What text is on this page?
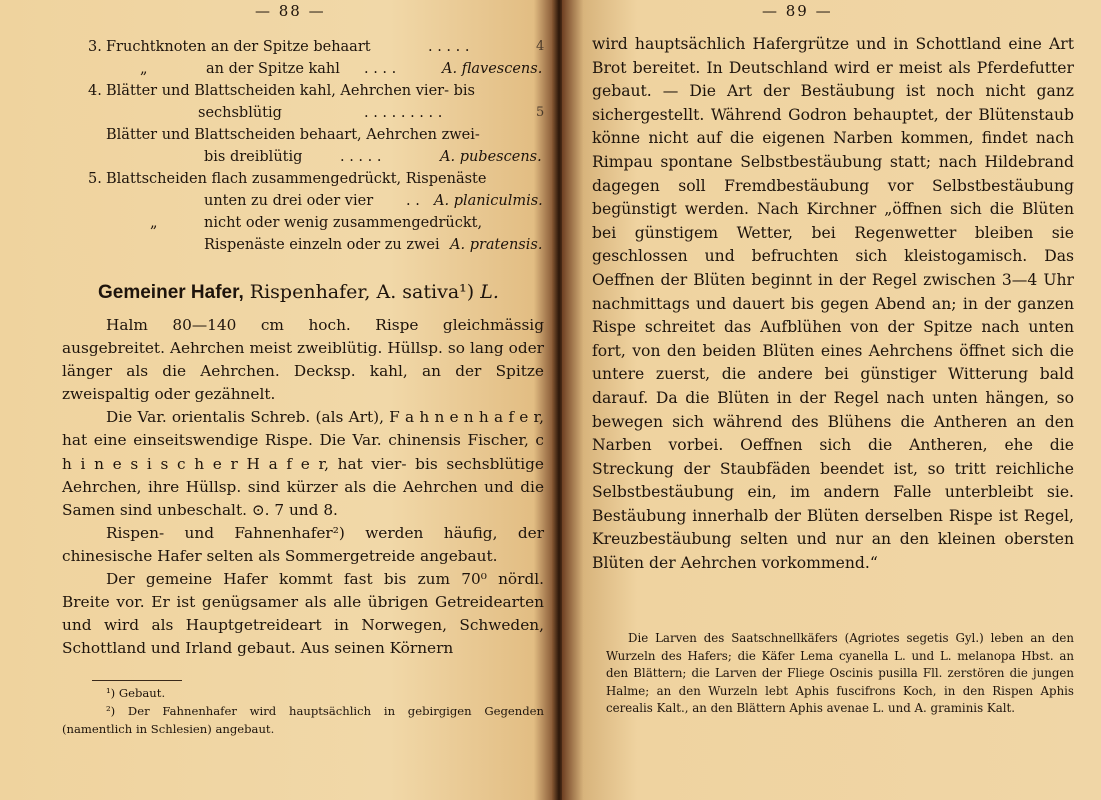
— 88 —
3. Fruchtknoten an der Spitze behaart	. . . . .	4
„	an der Spitze kahl . . . .	A. flavescens.
4. Blätter und Blattscheiden kahl, Aehrchen vier- bis
sechsblütig	. . . . . . . . .	5
Blätter und Blattscheiden behaart, Aehrchen zwei-
bis dreiblütig	. . . . .	A. pubescens.
5. Blattscheiden flach zusammengedrückt, Rispenäste
unten zu drei oder vier . . A. planiculmis.
„	nicht oder wenig zusammengedrückt,
Rispenäste einzeln oder zu zwei A. pratensis.
Gemeiner Hafer, Rispenhafer, A. sativa¹) L.

Halm 80—140 cm hoch. Rispe gleichmässig ausgebreitet. Aehrchen meist zweiblütig. Hüllsp. so lang oder länger als die Aehrchen. Decksp. kahl, an der Spitze zweispaltig oder gezähnelt.

Die Var. orientalis Schreb. (als Art), F a h n e n h a f e r, hat eine einseitswendige Rispe. Die Var. chinensis Fischer, c h i n e s i s c h e r H a f e r, hat vier- bis sechsblütige Aehrchen, ihre Hüllsp. sind kürzer als die Aehrchen und die Samen sind unbeschalt. ⊙. 7 und 8.

Rispen- und Fahnenhafer²) werden häufig, der chinesische Hafer selten als Sommergetreide angebaut.

Der gemeine Hafer kommt fast bis zum 70⁰ nördl. Breite vor. Er ist genügsamer als alle übrigen Getreidearten und wird als Hauptgetreideart in Norwegen, Schweden, Schottland und Irland gebaut. Aus seinen Körnern

¹) Gebaut.

²) Der Fahnenhafer wird hauptsächlich in gebirgigen Gegenden (namentlich in Schlesien) angebaut.

— 89 —

wird hauptsächlich Hafergrütze und in Schottland eine Art Brot bereitet. In Deutschland wird er meist als Pferdefutter gebaut. — Die Art der Bestäubung ist noch nicht ganz sichergestellt. Während Godron behauptet, der Blütenstaub könne nicht auf die eigenen Narben kommen, findet nach Rimpau spontane Selbstbestäubung statt; nach Hildebrand dagegen soll Fremdbestäubung vor Selbstbestäubung begünstigt werden. Nach Kirchner „öffnen sich die Blüten bei günstigem Wetter, bei Regenwetter bleiben sie geschlossen und befruchten sich kleistogamisch. Das Oeffnen der Blüten beginnt in der Regel zwischen 3—4 Uhr nachmittags und dauert bis gegen Abend an; in der ganzen Rispe schreitet das Aufblühen von der Spitze nach unten fort, von den beiden Blüten eines Aehrchens öffnet sich die untere zuerst, die andere bei günstiger Witterung bald darauf. Da die Blüten in der Regel nach unten hängen, so bewegen sich während des Blühens die Antheren an den Narben vorbei. Oeffnen sich die Antheren, ehe die Streckung der Staubfäden beendet ist, so tritt reichliche Selbstbestäubung ein, im andern Falle unterbleibt sie. Bestäubung innerhalb der Blüten derselben Rispe ist Regel, Kreuzbestäubung selten und nur an den kleinen obersten Blüten der Aehrchen vorkommend.“

Die Larven des Saatschnellkäfers (Agriotes segetis Gyl.) leben an den Wurzeln des Hafers; die Käfer Lema cyanella L. und L. melanopa Hbst. an den Blättern; die Larven der Fliege Oscinis pusilla Fll. zerstören die jungen Halme; an den Wurzeln lebt Aphis fuscifrons Koch, in den Rispen Aphis cerealis Kalt., an den Blättern Aphis avenae L. und A. graminis Kalt.
